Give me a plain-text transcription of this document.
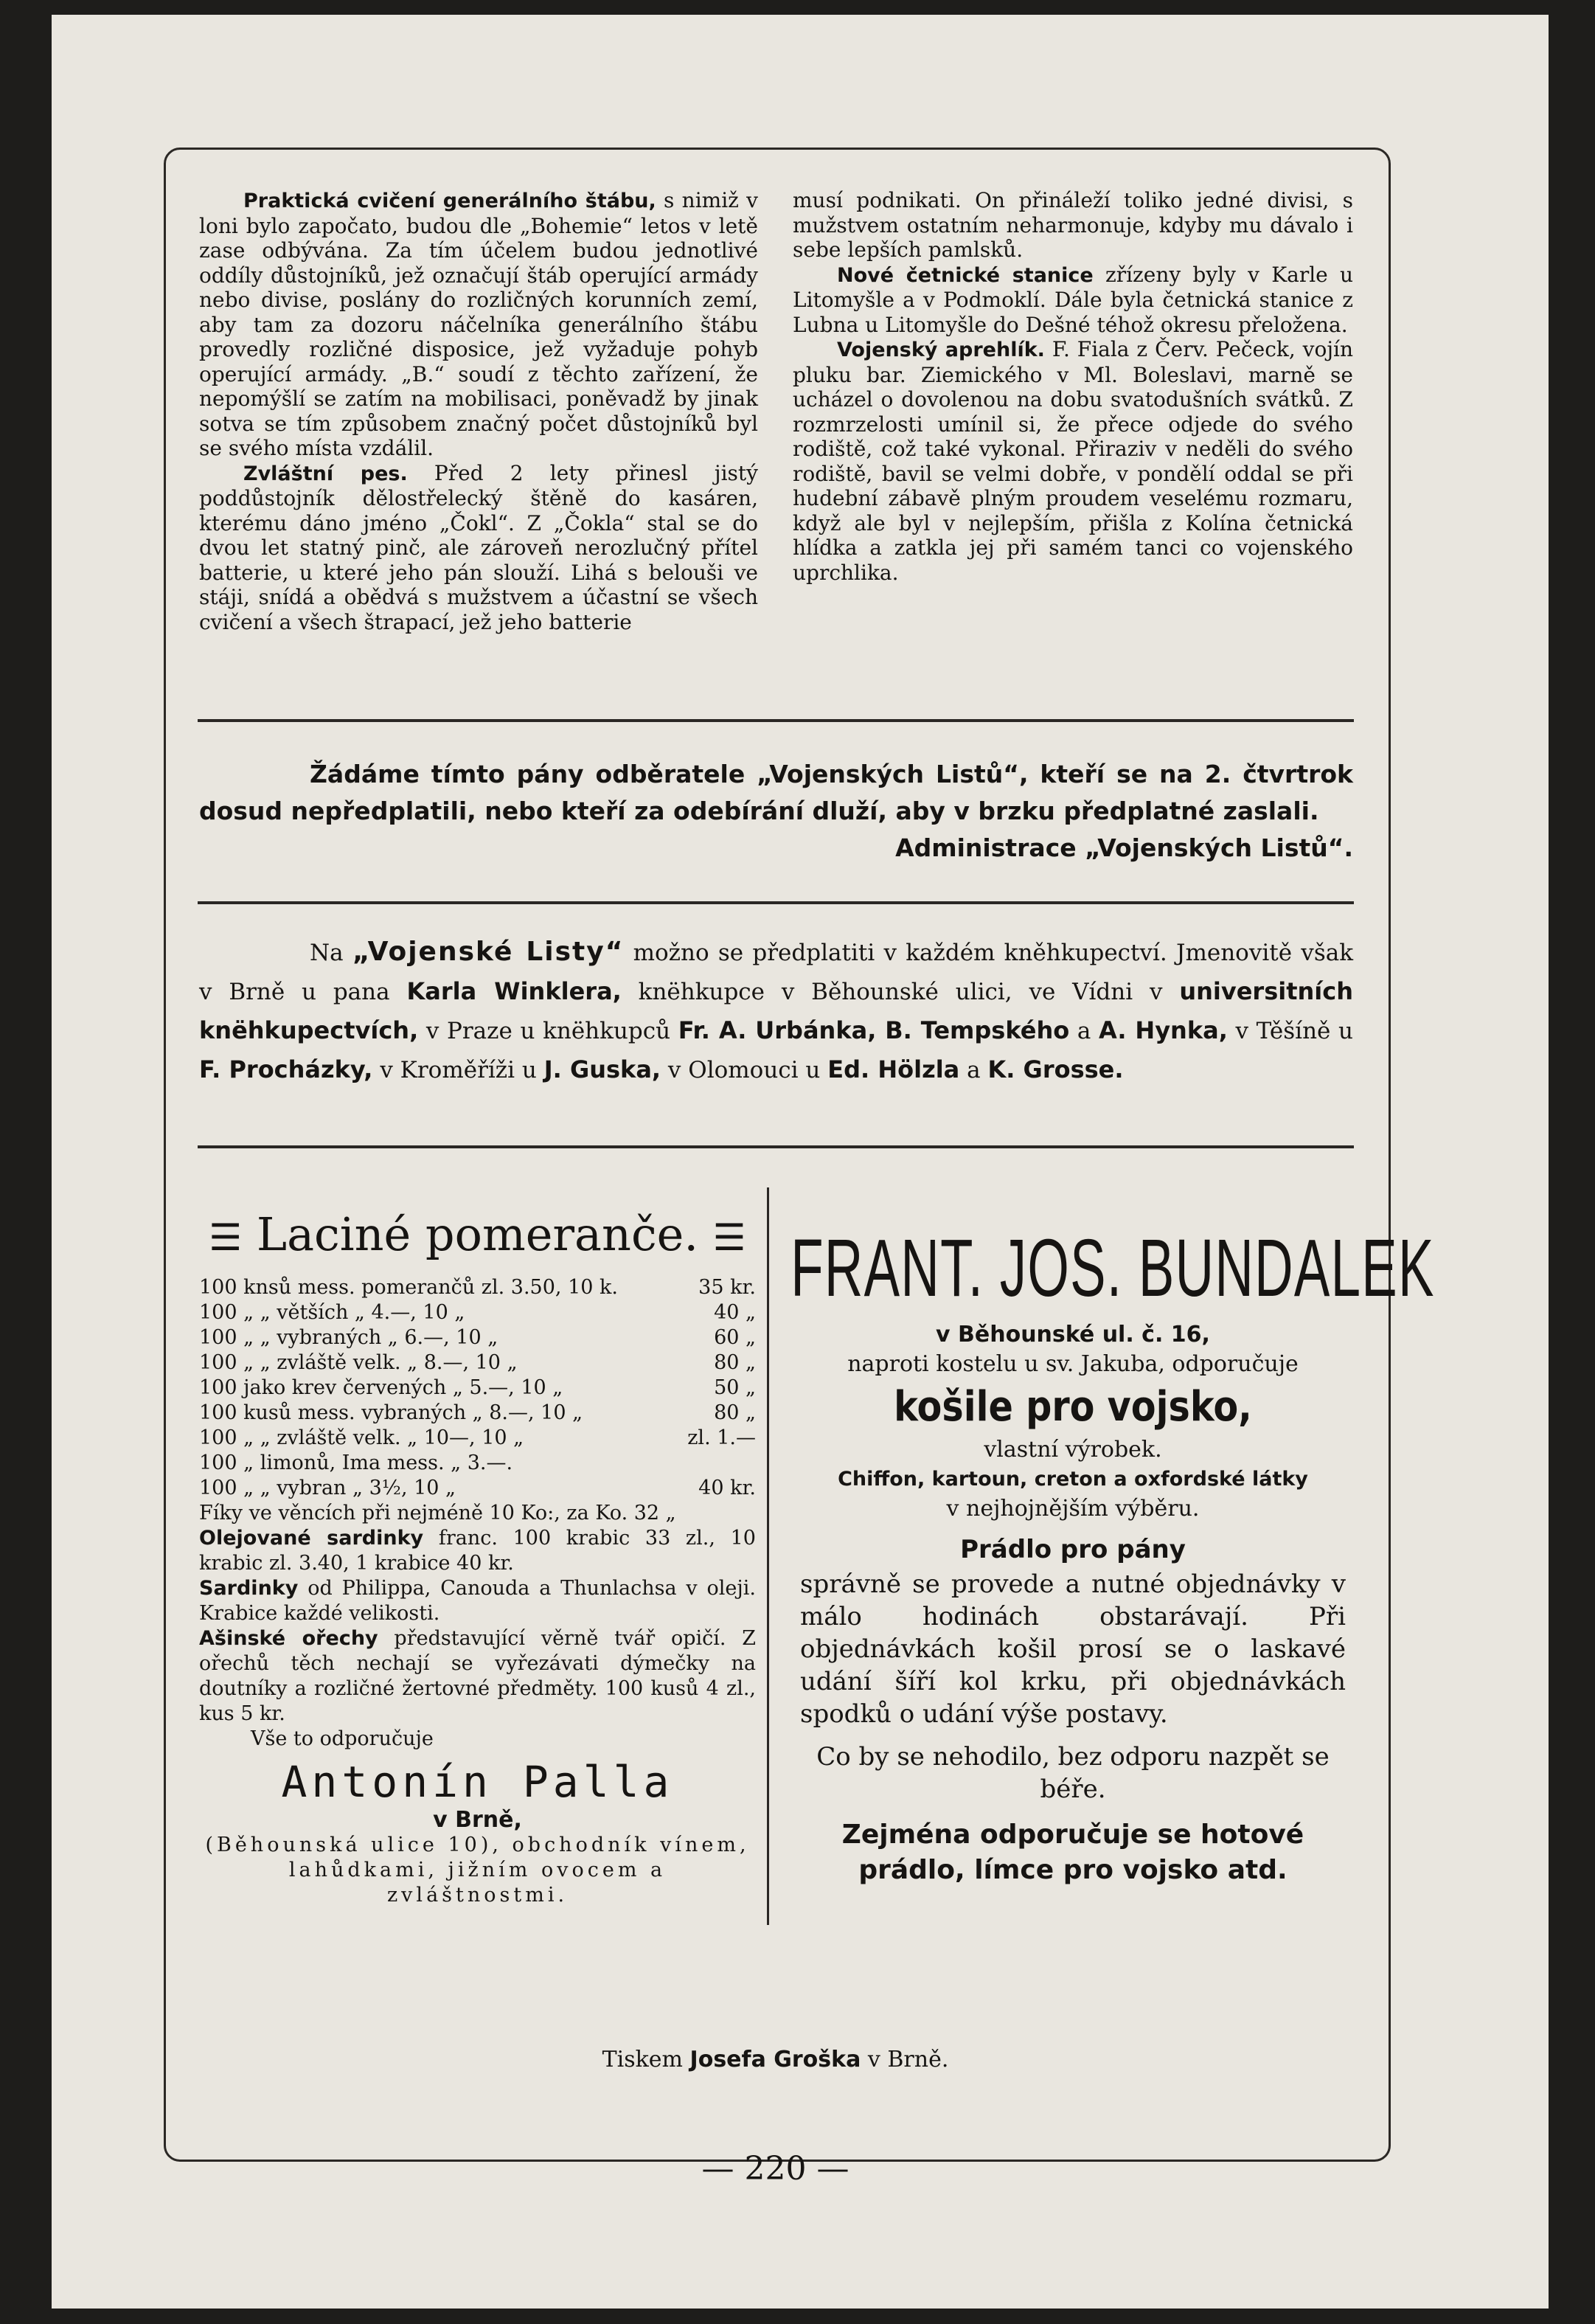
Praktická cvičení generálního štábu, s nimiž v loni bylo započato, budou dle „Bohemie“ letos v letě zase odbývána. Za tím účelem budou jednotlivé oddíly důstojníků, jež označují štáb operující armády nebo divise, poslány do rozličných korunních zemí, aby tam za dozoru náčelníka generálního štábu provedly rozličné disposice, jež vyžaduje pohyb operující armády. „B.“ soudí z těchto zařízení, že nepomýšlí se zatím na mobilisaci, poněvadž by jinak sotva se tím způsobem značný počet důstojníků byl se svého místa vzdálil.

Zvláštní pes. Před 2 lety přinesl jistý poddůstojník dělostřelecký štěně do kasáren, kterému dáno jméno „Čokl“. Z „Čokla“ stal se do dvou let statný pinč, ale zároveň nerozlučný přítel batterie, u které jeho pán slouží. Lihá s belouši ve stáji, snídá a obědvá s mužstvem a účastní se všech cvičení a všech štrapací, jež jeho batterie

musí podnikati. On přináleží toliko jedné divisi, s mužstvem ostatním neharmonuje, kdyby mu dávalo i sebe lepších pamlsků.

Nové četnické stanice zřízeny byly v Karle u Litomyšle a v Podmoklí. Dále byla četnická stanice z Lubna u Litomyšle do Dešné téhož okresu přeložena.

Vojenský aprehlík. F. Fiala z Červ. Pečeck, vojín pluku bar. Ziemického v Ml. Boleslavi, marně se ucházel o dovolenou na dobu svatodušních svátků. Z rozmrzelosti umínil si, že přece odjede do svého rodiště, což také vykonal. Přiraziv v neděli do svého rodiště, bavil se velmi dobře, v pondělí oddal se při hudební zábavě plným proudem veselému rozmaru, když ale byl v nejlepším, přišla z Kolína četnická hlídka a zatkla jej při samém tanci co vojenského uprchlika.

Žádáme tímto pány odběratele „Vojenských Listů“, kteří se na 2. čtvrtrok dosud nepředplatili, nebo kteří za odebírání dluží, aby v brzku předplatné zaslali.

Administrace „Vojenských Listů“.

Na „Vojenské Listy“ možno se předplatiti v každém kněhkupectví. Jmenovitě však v Brně u pana Karla Winklera, knëhkupce v Běhounské ulici, ve Vídni v universitních knëhkupectvích, v Praze u knëhkupců Fr. A. Urbánka, B. Tempského a A. Hynka, v Těšíně u F. Procházky, v Kroměříži u J. Guska, v Olomouci u Ed. Hölzla a K. Grosse.

☰ Laciné pomeranče. ☰
100 knsů mess. pomerančů zl. 3.50, 10 k.	35 kr.
100 „ „ větších „ 4.—, 10 „	40 „
100 „ „ vybraných „ 6.—, 10 „	60 „
100 „ „ zvláště velk. „ 8.—, 10 „	80 „
100 jako krev červených „ 5.—, 10 „	50 „
100 kusů mess. vybraných „ 8.—, 10 „	80 „
100 „ „ zvláště velk. „ 10—, 10 „	zl. 1.—
100 „ limonů, Ima mess. „ 3.—.
100 „ „ vybran „ 3½, 10 „	40 kr.

Fíky ve věncích při nejméně 10 Ko:, za Ko. 32 „

Olejované sardinky franc. 100 krabic 33 zl., 10 krabic zl. 3.40, 1 krabice 40 kr.

Sardinky od Philippa, Canouda a Thunlachsa v oleji. Krabice každé velikosti.

Ašinské ořechy představující věrně tvář opičí. Z ořechů těch nechají se vyřezávati dýmečky na doutníky a rozličné žertovné předměty. 100 kusů 4 zl., kus 5 kr.

Vše to odporučuje

Antonín Palla

v Brně,

(Běhounská ulice 10), obchodník vínem, lahůdkami, jižním ovocem a zvláštnostmi.

FRANT. JOS. BUNDALEK

v Běhounské ul. č. 16,

naproti kostelu u sv. Jakuba, odporučuje

košile pro vojsko,

vlastní výrobek.

Chiffon, kartoun, creton a oxfordské látky

v nejhojnějším výběru.

Prádlo pro pány

správně se provede a nutné objednávky v málo hodinách obstarávají. Při objednávkách košil prosí se o laskavé udání šíří kol krku, při objednávkách spodků o udání výše postavy.

Co by se nehodilo, bez odporu nazpět se béře.

Zejména odporučuje se hotové prádlo, límce pro vojsko atd.

Tiskem Josefa Groška v Brně.
— 220 —
